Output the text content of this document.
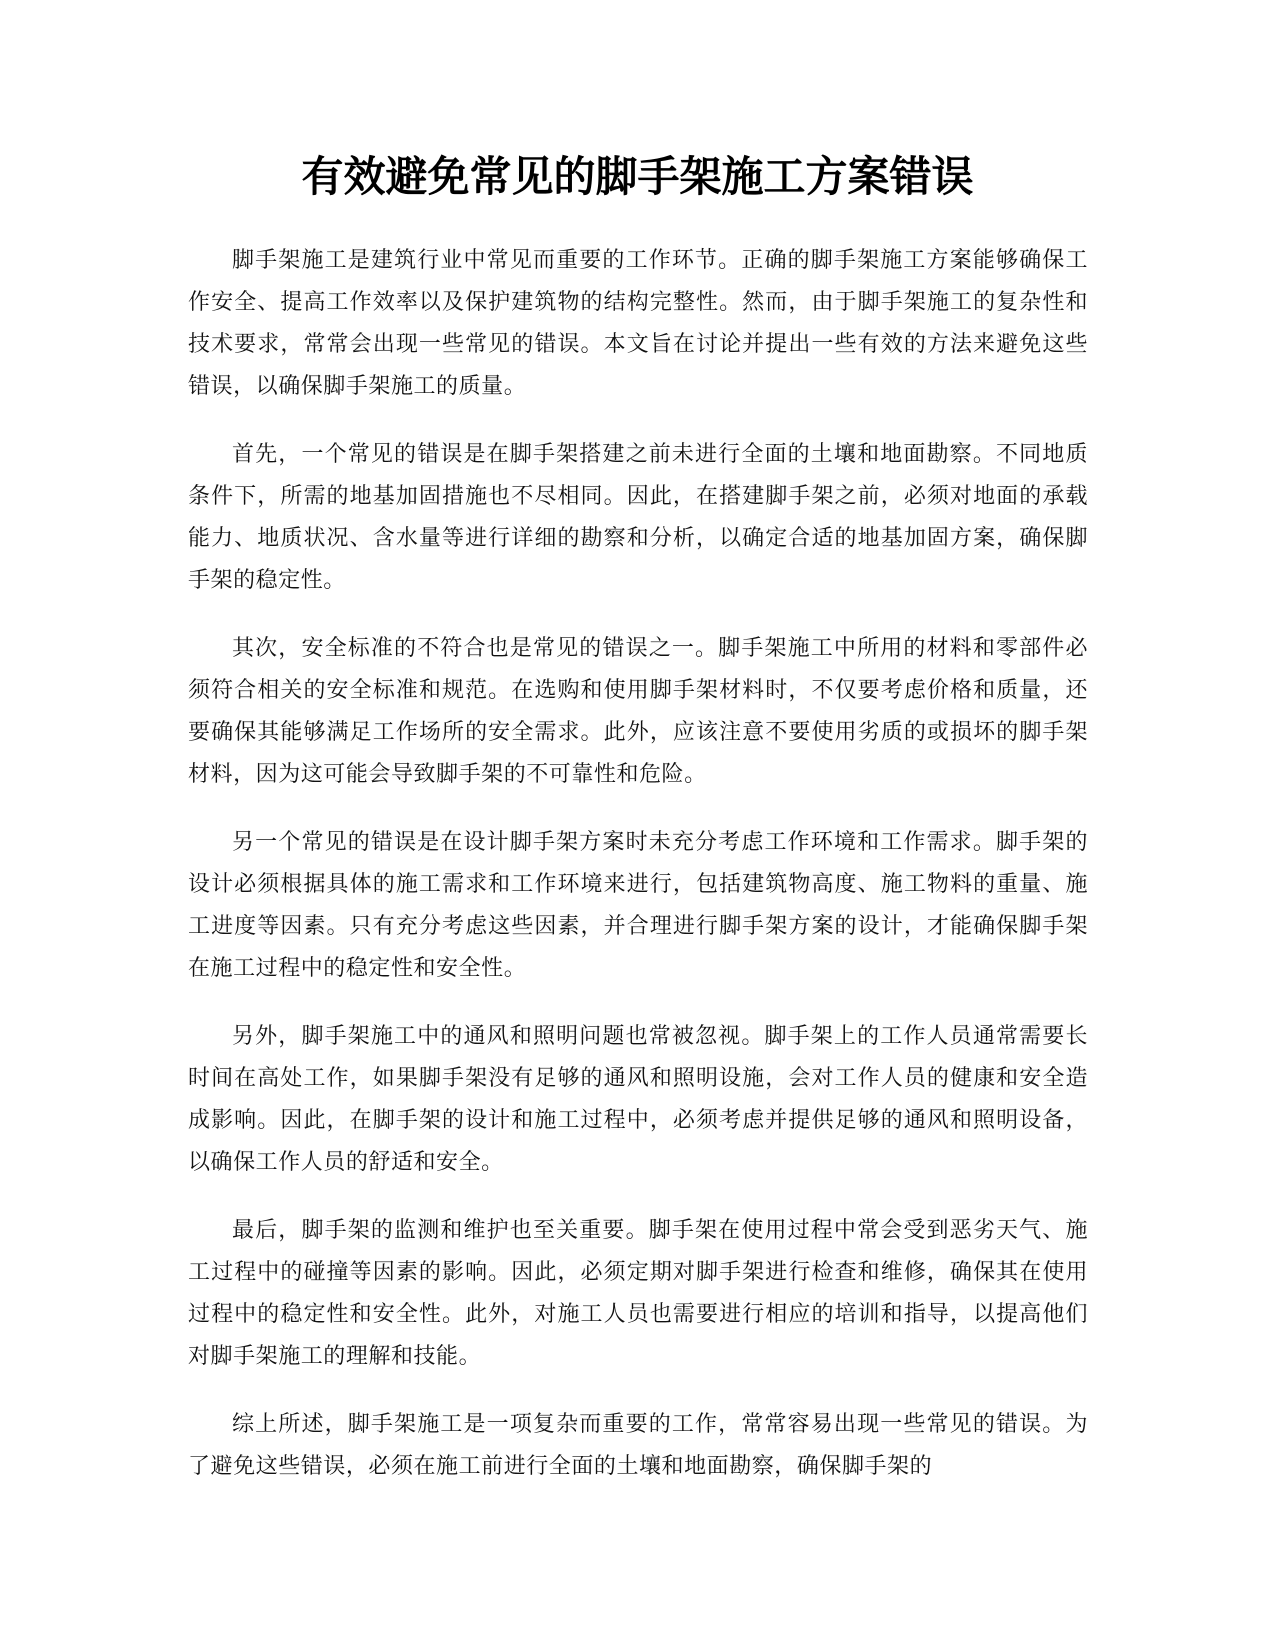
有效避免常见的脚手架施工方案错误

脚手架施工是建筑行业中常见而重要的工作环节。正确的脚手架施工方案能够确保工作安全、提高工作效率以及保护建筑物的结构完整性。然而，由于脚手架施工的复杂性和技术要求，常常会出现一些常见的错误。本文旨在讨论并提出一些有效的方法来避免这些错误，以确保脚手架施工的质量。

首先，一个常见的错误是在脚手架搭建之前未进行全面的土壤和地面勘察。不同地质条件下，所需的地基加固措施也不尽相同。因此，在搭建脚手架之前，必须对地面的承载能力、地质状况、含水量等进行详细的勘察和分析，以确定合适的地基加固方案，确保脚手架的稳定性。

其次，安全标准的不符合也是常见的错误之一。脚手架施工中所用的材料和零部件必须符合相关的安全标准和规范。在选购和使用脚手架材料时，不仅要考虑价格和质量，还要确保其能够满足工作场所的安全需求。此外，应该注意不要使用劣质的或损坏的脚手架材料，因为这可能会导致脚手架的不可靠性和危险。

另一个常见的错误是在设计脚手架方案时未充分考虑工作环境和工作需求。脚手架的设计必须根据具体的施工需求和工作环境来进行，包括建筑物高度、施工物料的重量、施工进度等因素。只有充分考虑这些因素，并合理进行脚手架方案的设计，才能确保脚手架在施工过程中的稳定性和安全性。

另外，脚手架施工中的通风和照明问题也常被忽视。脚手架上的工作人员通常需要长时间在高处工作，如果脚手架没有足够的通风和照明设施，会对工作人员的健康和安全造成影响。因此，在脚手架的设计和施工过程中，必须考虑并提供足够的通风和照明设备，以确保工作人员的舒适和安全。

最后，脚手架的监测和维护也至关重要。脚手架在使用过程中常会受到恶劣天气、施工过程中的碰撞等因素的影响。因此，必须定期对脚手架进行检查和维修，确保其在使用过程中的稳定性和安全性。此外，对施工人员也需要进行相应的培训和指导，以提高他们对脚手架施工的理解和技能。

综上所述，脚手架施工是一项复杂而重要的工作，常常容易出现一些常见的错误。为了避免这些错误，必须在施工前进行全面的土壤和地面勘察，确保脚手架的
